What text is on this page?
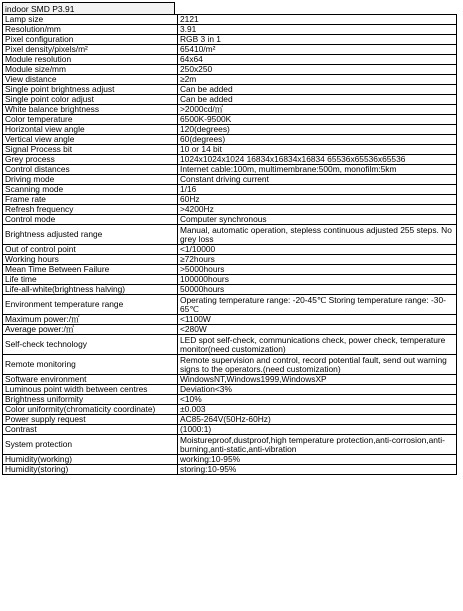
indoor SMD P3.91
Lamp size	2121
Resolution/mm	3.91
Pixel configuration	RGB 3 in 1
Pixel density/pixels/m²	65410/m²
Module resolution	64x64
Module size/mm	250x250
View distance	≥2m
Single point brightness adjust	Can be added
Single point color adjust	Can be added
White balance brightness	>2000cd/㎡
Color temperature	6500K-9500K
Horizontal view angle	120(degrees)
Vertical view angle	60(degrees)
Signal Process bit	10 or 14 bit
Grey process	1024x1024x1024 16834x16834x16834 65536x65536x65536
Control distances	Internet cable:100m, multimembrane:500m, monofilm:5km
Driving mode	Constant driving current
Scanning mode	1/16
Frame rate	60Hz
Refresh frequency	>4200Hz
Control mode	Computer synchronous
Brightness adjusted range	Manual, automatic operation, stepless continuous adjusted 255 steps. No grey loss
Out of control point	<1/10000
Working hours	≥72hours
Mean Time Between Failure	>5000hours
Life time	100000hours
Life-all-white(brightness halving)	50000hours
Environment temperature range	Operating temperature range: -20-45℃ Storing temperature range: -30-65℃
Maximum power:/㎡	<1100W
Average power:/㎡	<280W
Self-check technology	LED spot self-check, communications check, power check, temperature monitor(need customization)
Remote monitoring	Remote supervision and control, record potential fault, send out warning signs to the operators.(need customization)
Software environment	WindowsNT,Windows1999,WindowsXP
Luminous point width between centres	Deviation<3%
Brightness uniformity	<10%
Color uniformity(chromaticity coordinate)	±0.003
Power supply request	AC85-264V(50Hz-60Hz)
Contrast	(1000:1)
System protection	Moistureproof,dustproof,high temperature protection,anti-corrosion,anti-burning,anti-static,anti-vibration
Humidity(working)	working:10-95%
Humidity(storing)	storing:10-95%
